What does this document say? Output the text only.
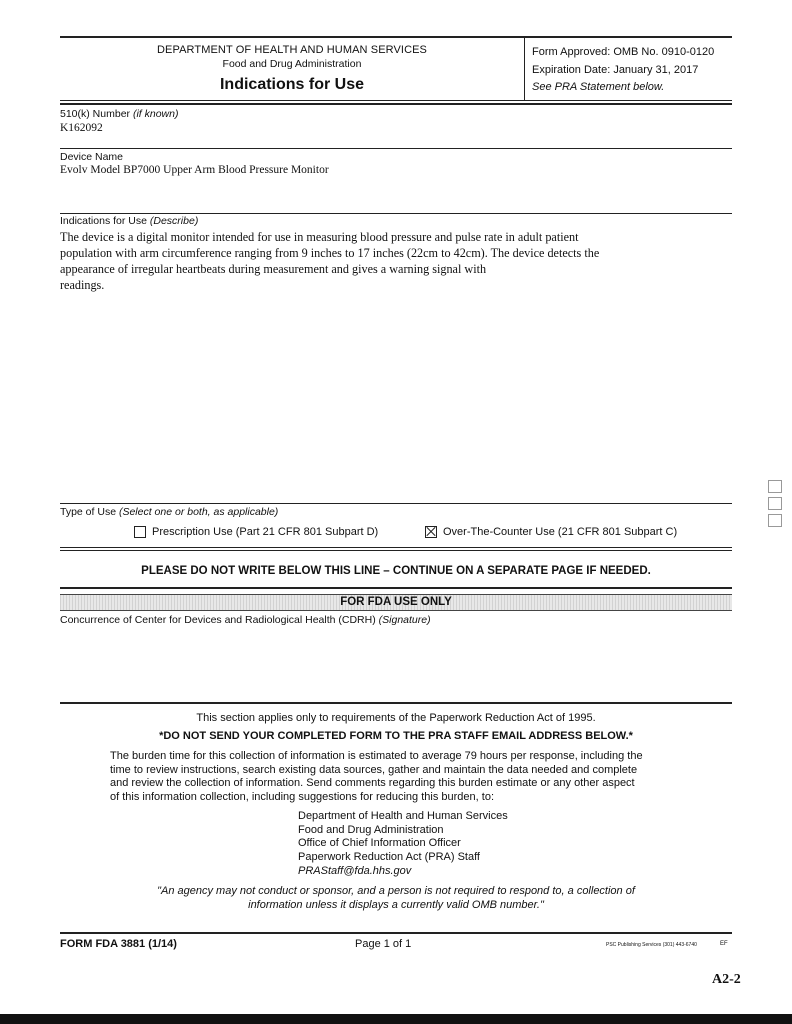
DEPARTMENT OF HEALTH AND HUMAN SERVICES
Food and Drug Administration
Indications for Use
Form Approved: OMB No. 0910-0120
Expiration Date: January 31, 2017
See PRA Statement below.
510(k) Number (if known)
K162092
Device Name
Evolv Model BP7000 Upper Arm Blood Pressure Monitor
Indications for Use (Describe)

The device is a digital monitor intended for use in measuring blood pressure and pulse rate in adult patient

population with arm circumference ranging from 9 inches to 17 inches (22cm to 42cm). The device detects the

appearance of irregular heartbeats during measurement and gives a warning signal with

readings.

Type of Use (Select one or both, as applicable)
Prescription Use (Part 21 CFR 801 Subpart D)	Over-The-Counter Use (21 CFR 801 Subpart C)
PLEASE DO NOT WRITE BELOW THIS LINE – CONTINUE ON A SEPARATE PAGE IF NEEDED.
FOR FDA USE ONLY
Concurrence of Center for Devices and Radiological Health (CDRH) (Signature)
This section applies only to requirements of the Paperwork Reduction Act of 1995.
*DO NOT SEND YOUR COMPLETED FORM TO THE PRA STAFF EMAIL ADDRESS BELOW.*

The burden time for this collection of information is estimated to average 79 hours per response, including the

time to review instructions, search existing data sources, gather and maintain the data needed and complete

and review the collection of information. Send comments regarding this burden estimate or any other aspect

of this information collection, including suggestions for reducing this burden, to:

Department of Health and Human Services
Food and Drug Administration
Office of Chief Information Officer
Paperwork Reduction Act (PRA) Staff
PRAStaff@fda.hhs.gov
"An agency may not conduct or sponsor, and a person is not required to respond to, a collection of
information unless it displays a currently valid OMB number."
FORM FDA 3881 (1/14)	Page 1 of 1	PSC Publishing Services (301) 443-6740	EF
A2-2
